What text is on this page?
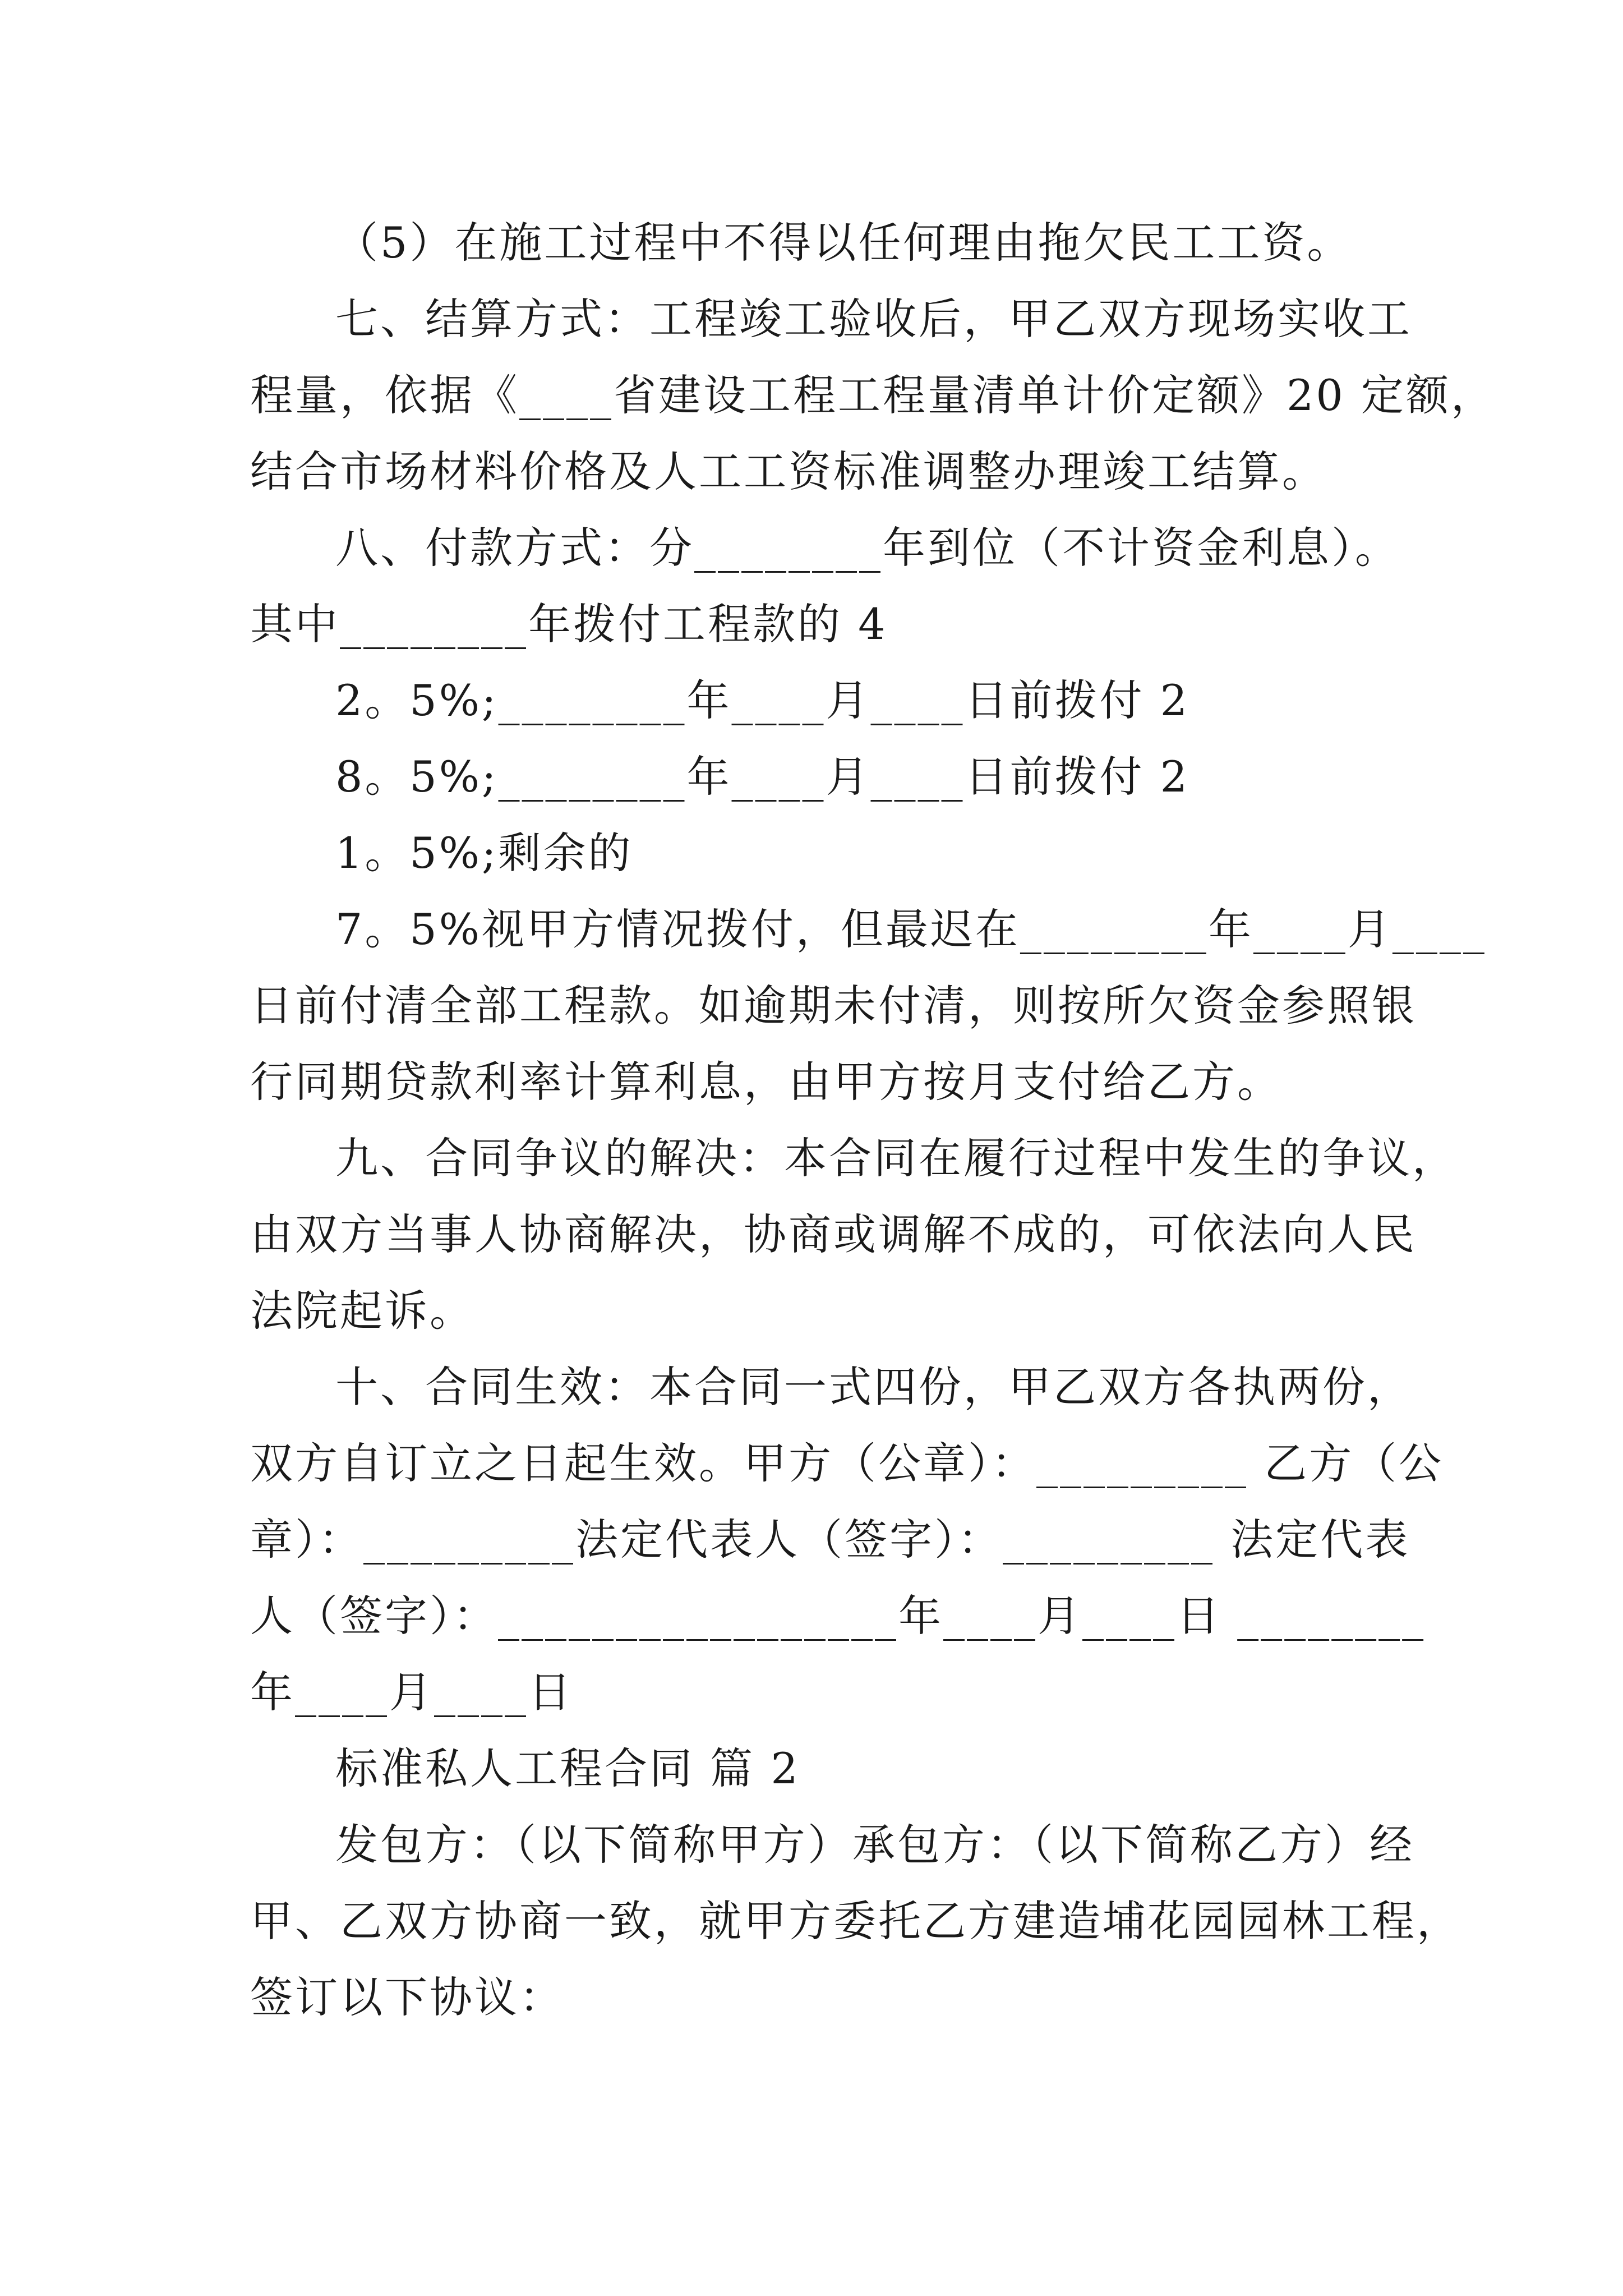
（5）在施工过程中不得以任何理由拖欠民工工资。
七、结算方式：工程竣工验收后，甲乙双方现场实收工
程量，依据《____省建设工程工程量清单计价定额》20 定额，
结合市场材料价格及人工工资标准调整办理竣工结算。
八、付款方式：分________年到位（不计资金利息）。
其中________年拨付工程款的 4
2。5%;________年____月____日前拨付 2
8。5%;________年____月____日前拨付 2
1。5%;剩余的
7。5%视甲方情况拨付，但最迟在________年____月____
日前付清全部工程款。如逾期未付清，则按所欠资金参照银
行同期贷款利率计算利息，由甲方按月支付给乙方。
九、合同争议的解决：本合同在履行过程中发生的争议，
由双方当事人协商解决，协商或调解不成的，可依法向人民
法院起诉。
十、合同生效：本合同一式四份，甲乙双方各执两份，
双方自订立之日起生效。甲方（公章）：_________ 乙方（公
章）：_________法定代表人（签字）：_________ 法定代表
人（签字）：_________________年____月____日 ________
年____月____日
标准私人工程合同 篇 2
发包方：（以下简称甲方）承包方：（以下简称乙方）经
甲、乙双方协商一致，就甲方委托乙方建造埔花园园林工程，
签订以下协议：
